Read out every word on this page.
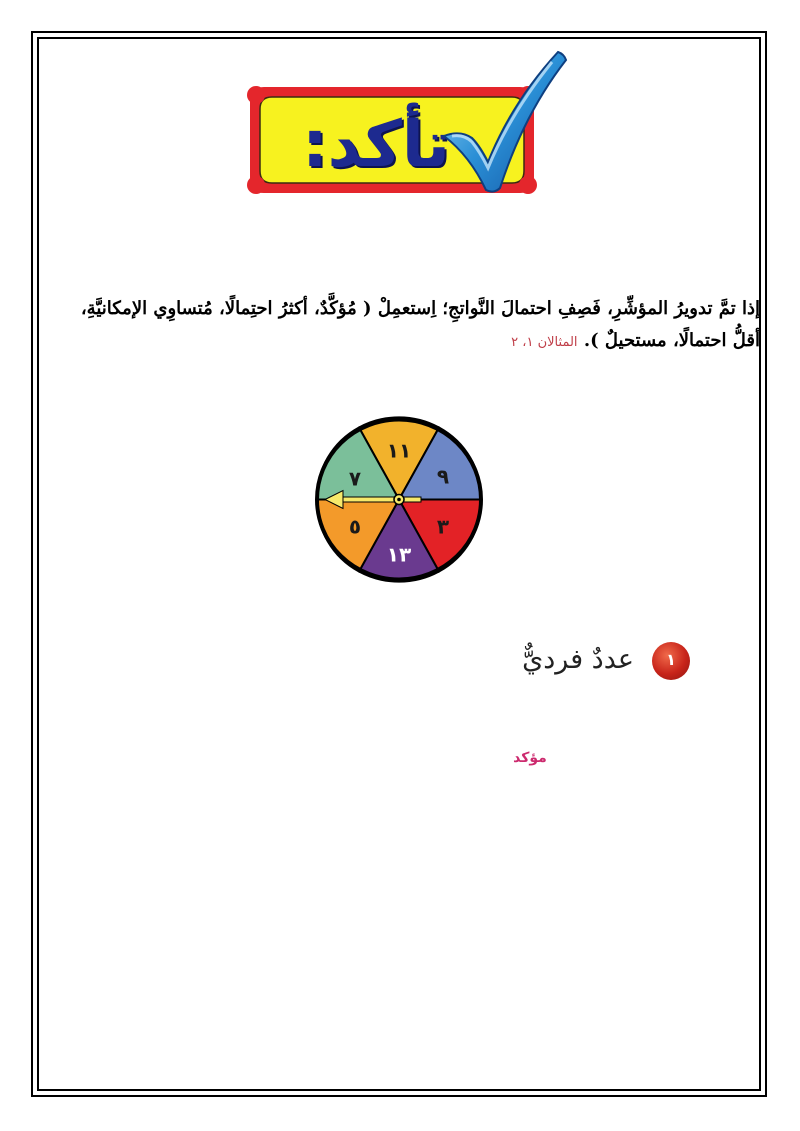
تأكد:
إذا تمَّ تدويرُ المؤشِّرِ، فَصِفِ احتمالَ النَّواتجِ؛ اِستعمِلْ ( مُؤكَّدٌ، أكثرُ احتِمالًا، مُتساوِي الإمكانيَّةِ، أقلُّ احتمالًا، مستحيلٌ ). المثالان ١، ٢
١١
٩
٣
١٣
٥
٧
١
عددٌ فرديٌّ
مؤكد
